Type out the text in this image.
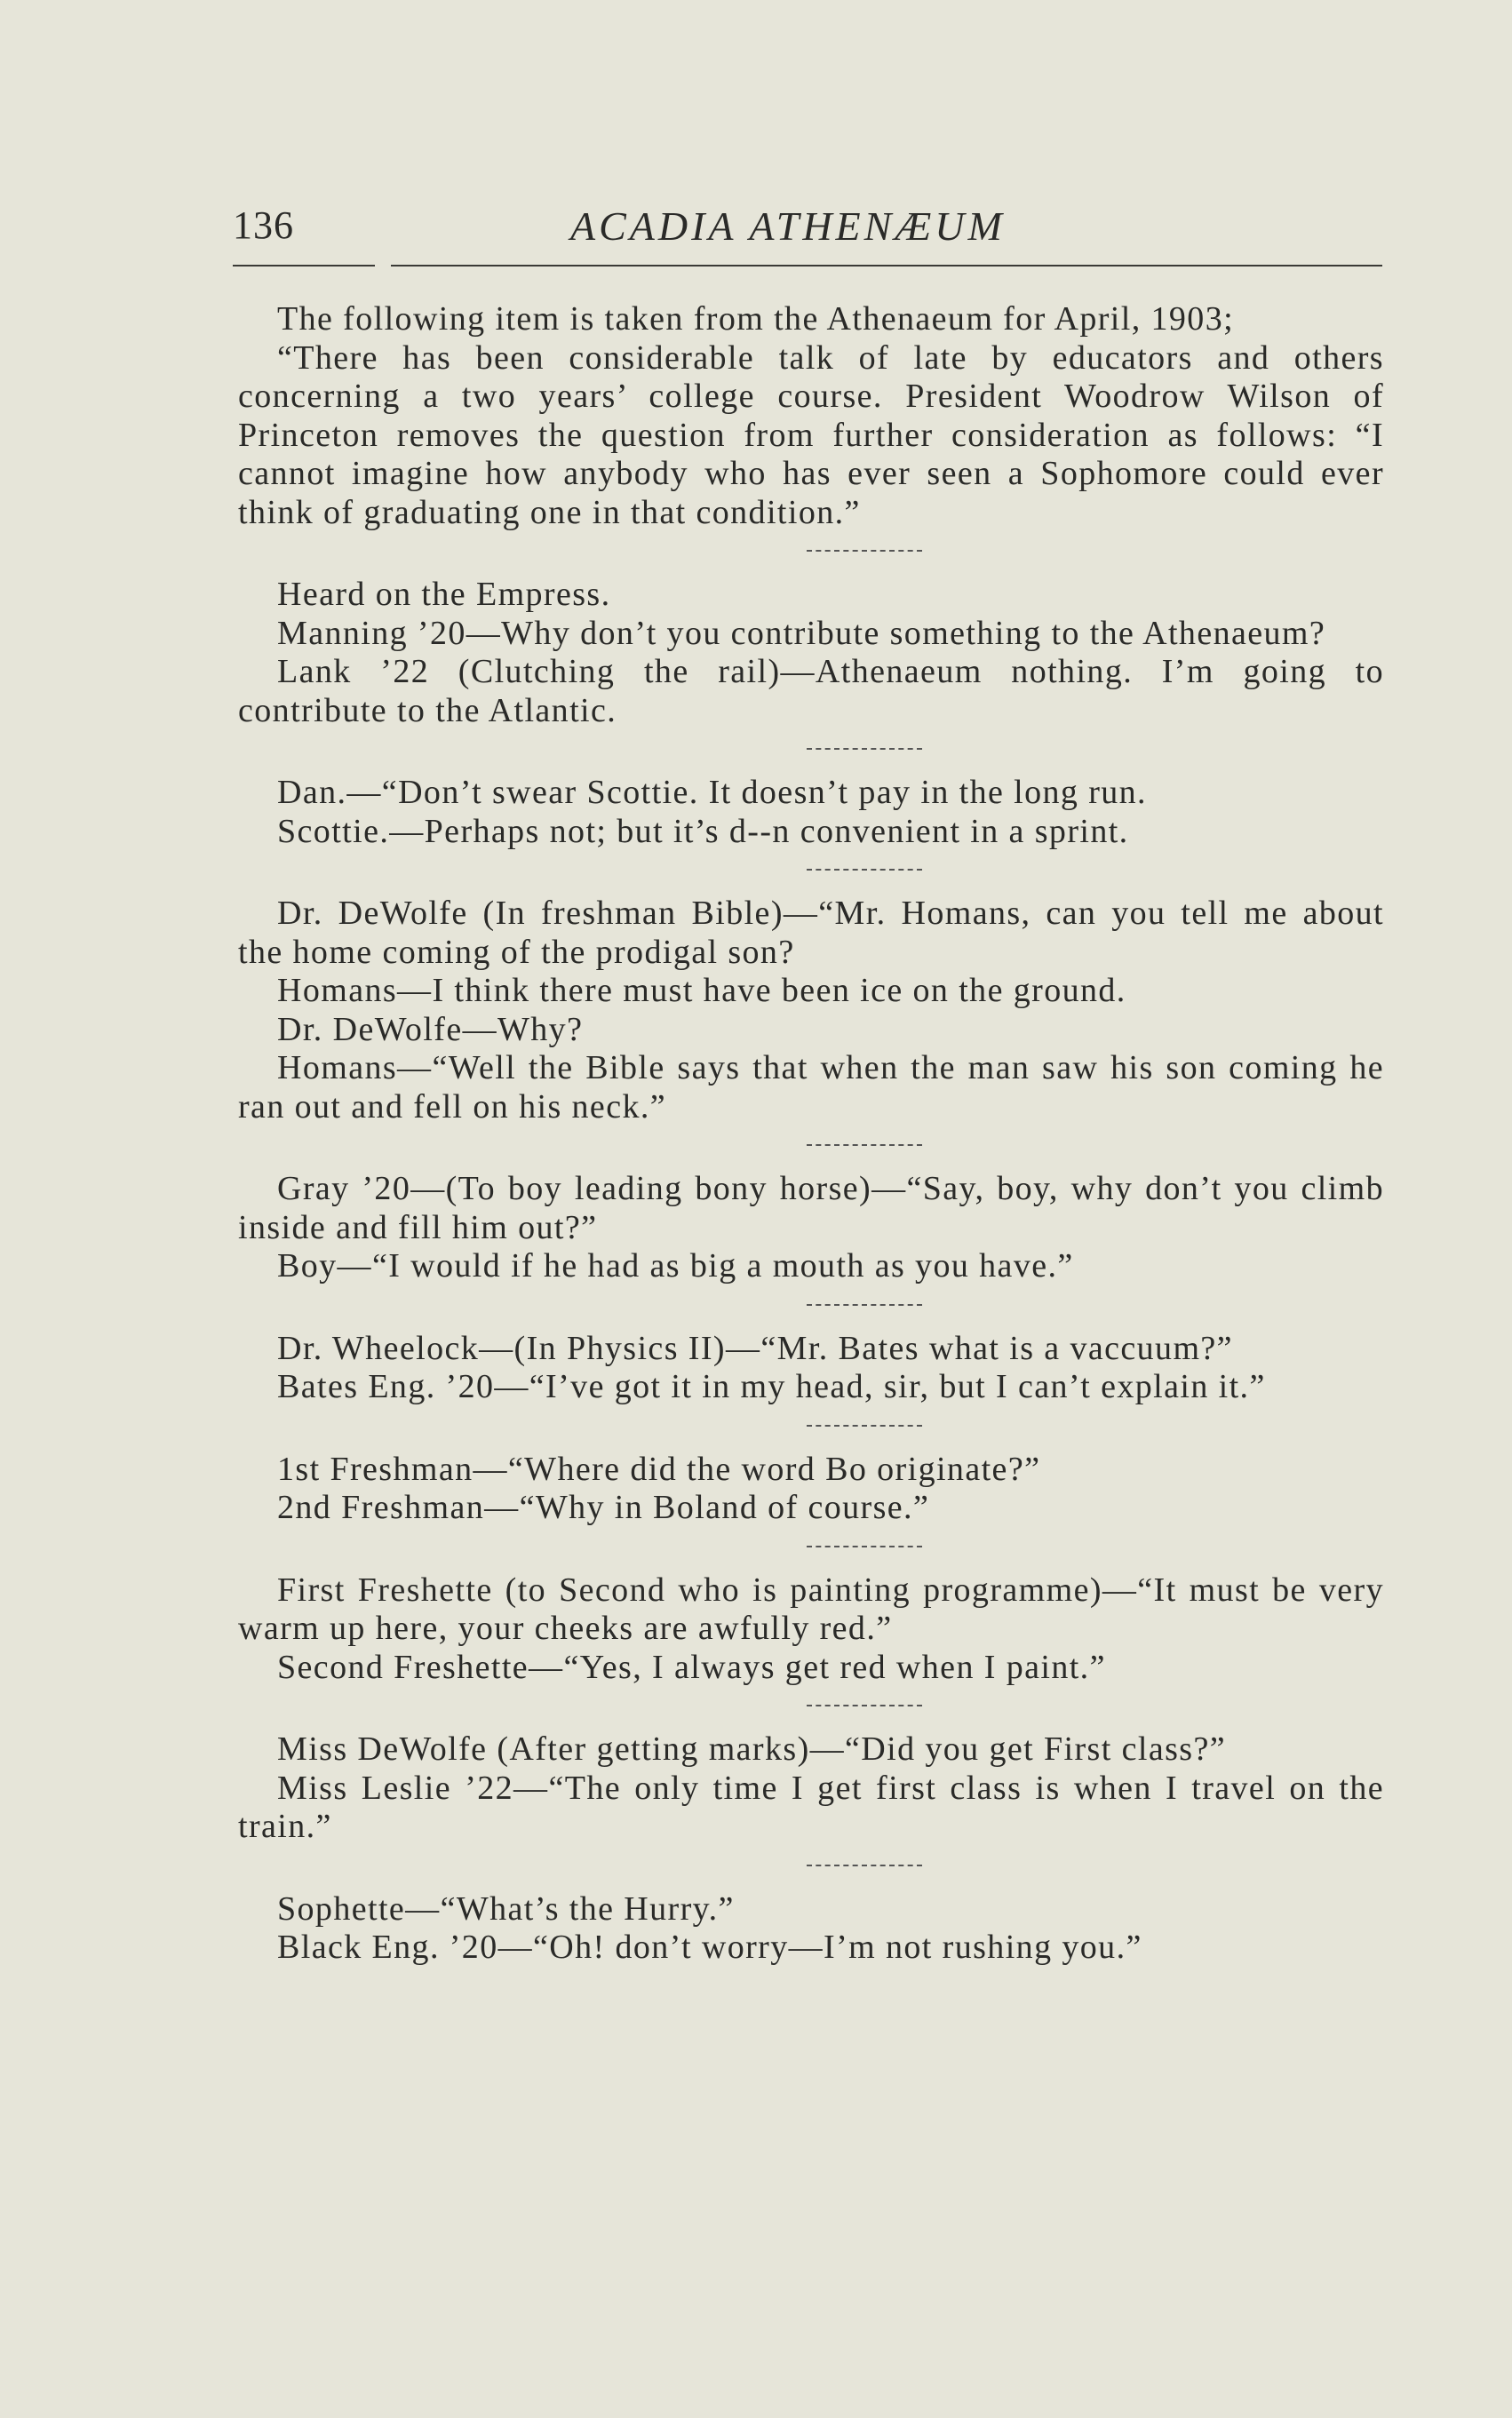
136	ACADIA ATHENÆUM

The following item is taken from the Athenaeum for April, 1903;

“There has been considerable talk of late by educators and others concerning a two years’ college course. President Woodrow Wilson of Princeton removes the question from further consideration as follows: “I cannot imagine how anybody who has ever seen a Sophomore could ever think of graduating one in that condition.”

Heard on the Empress.

Manning ’20—Why don’t you contribute something to the Athenaeum?

Lank ’22 (Clutching the rail)—Athenaeum nothing. I’m going to contribute to the Atlantic.

Dan.—“Don’t swear Scottie. It doesn’t pay in the long run.

Scottie.—Perhaps not; but it’s d--n convenient in a sprint.

Dr. DeWolfe (In freshman Bible)—“Mr. Homans, can you tell me about the home coming of the prodigal son?

Homans—I think there must have been ice on the ground.

Dr. DeWolfe—Why?

Homans—“Well the Bible says that when the man saw his son coming he ran out and fell on his neck.”

Gray ’20—(To boy leading bony horse)—“Say, boy, why don’t you climb inside and fill him out?”

Boy—“I would if he had as big a mouth as you have.”

Dr. Wheelock—(In Physics II)—“Mr. Bates what is a vaccuum?”

Bates Eng. ’20—“I’ve got it in my head, sir, but I can’t explain it.”

1st Freshman—“Where did the word Bo originate?”

2nd Freshman—“Why in Boland of course.”

First Freshette (to Second who is painting programme)—“It must be very warm up here, your cheeks are awfully red.”

Second Freshette—“Yes, I always get red when I paint.”

Miss DeWolfe (After getting marks)—“Did you get First class?”

Miss Leslie ’22—“The only time I get first class is when I travel on the train.”

Sophette—“What’s the Hurry.”

Black Eng. ’20—“Oh! don’t worry—I’m not rushing you.”
